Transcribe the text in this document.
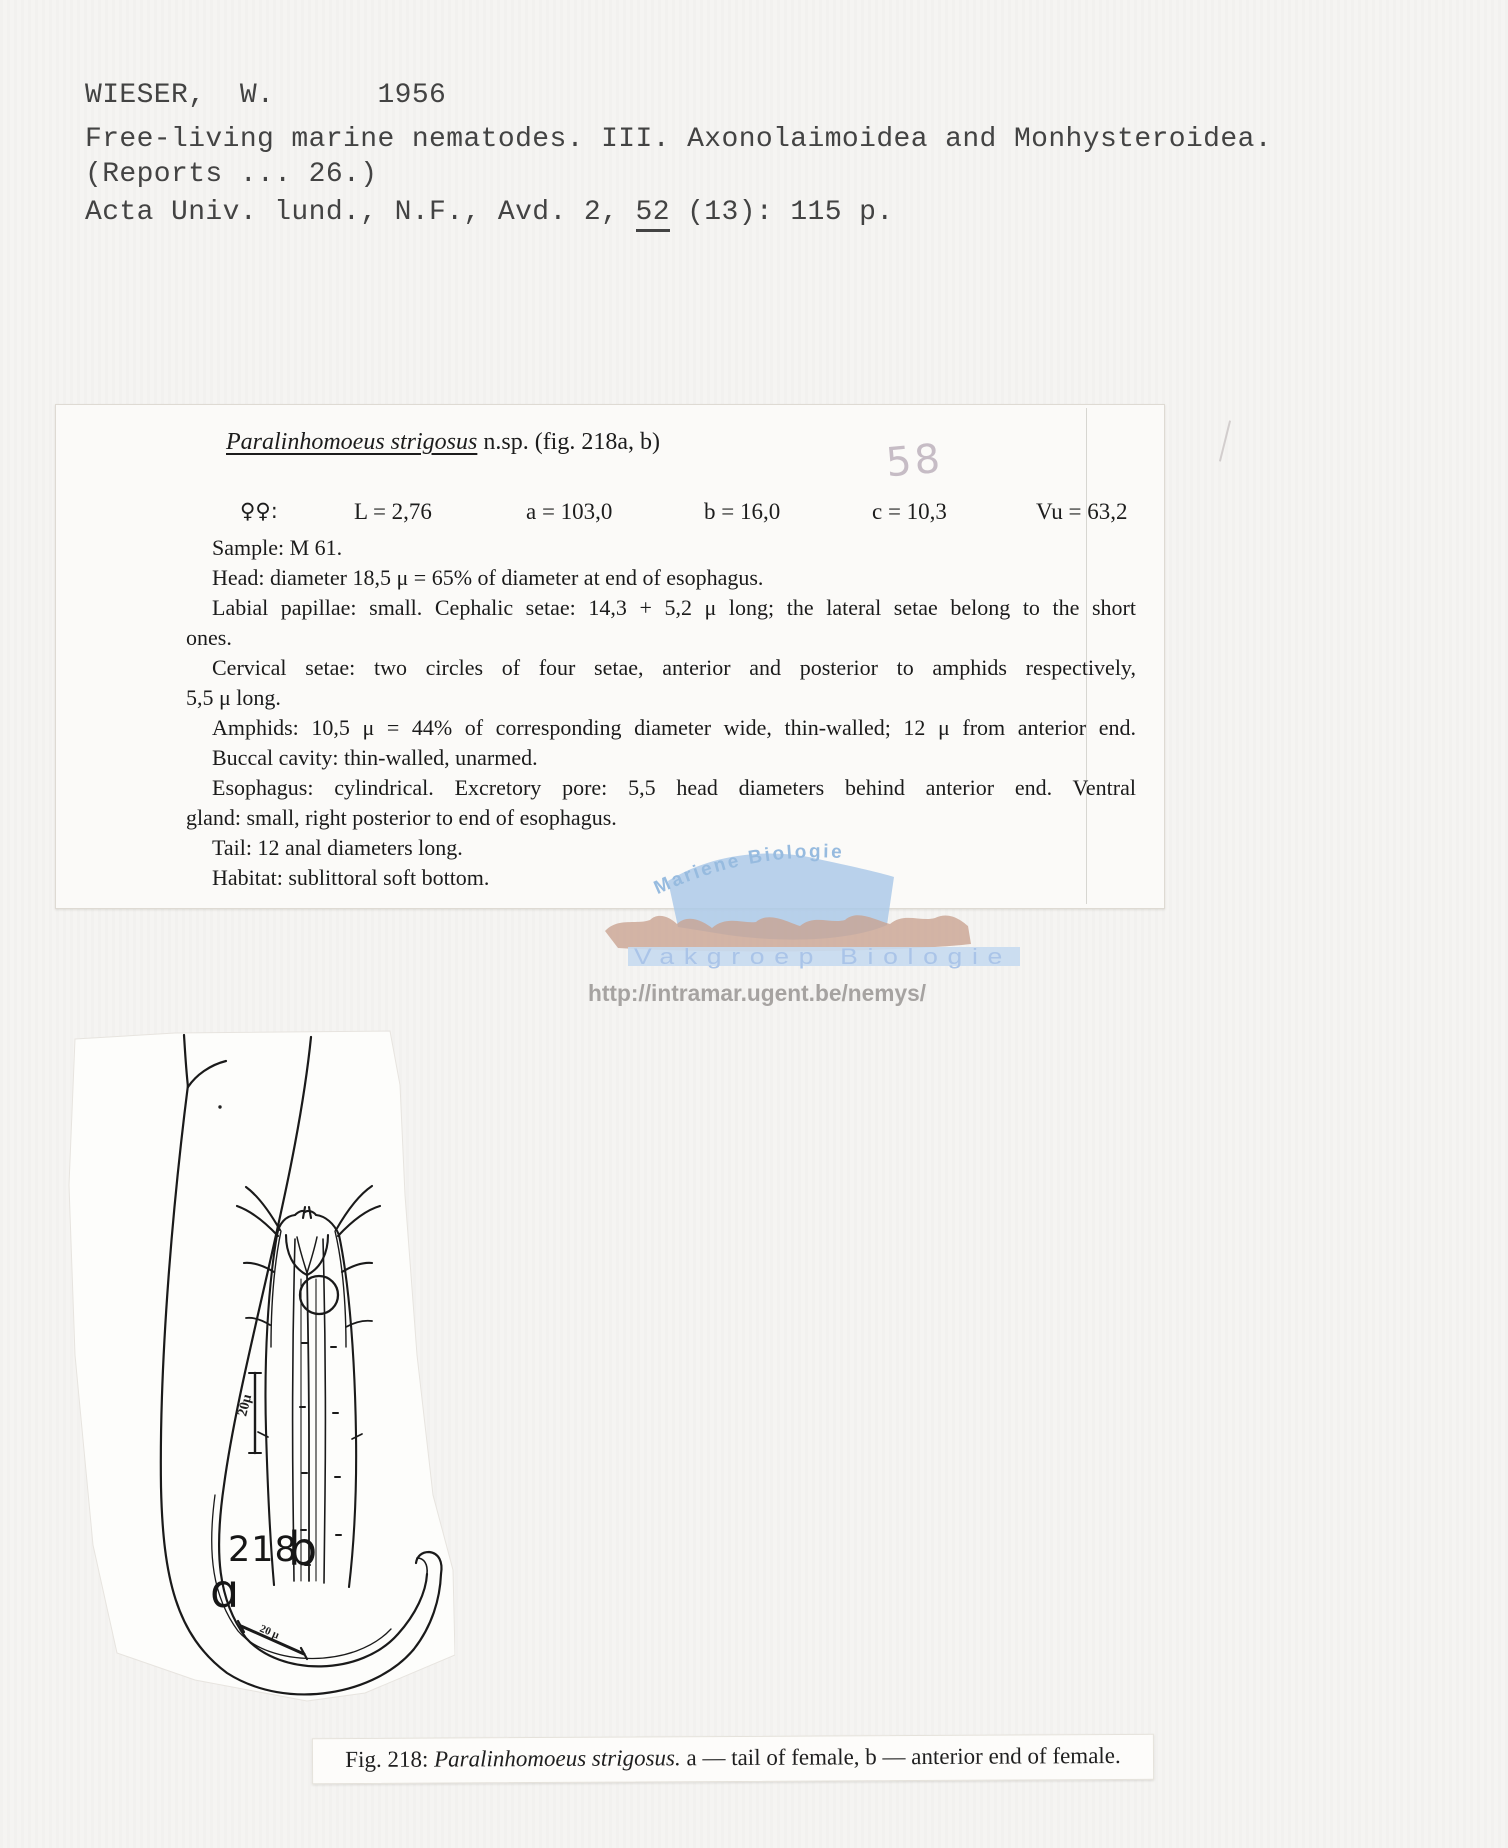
WIESER,  W.      1956
Free-living marine nematodes. III. Axonolaimoidea and Monhysteroidea.
(Reports ... 26.)
Acta Univ. lund., N.F., Avd. 2, 52 (13): 115 p.
Paralinhomoeus strigosus n.sp. (fig. 218a, b)
♀♀:	L = 2,76	a = 103,0	b = 16,0	c = 10,3	Vu = 63,2
Sample: M 61.
Head: diameter 18,5 μ = 65% of diameter at end of esophagus.
Labial papillae: small. Cephalic setae: 14,3 + 5,2 μ long; the lateral setae belong to the short
ones.
Cervical setae: two circles of four setae, anterior and posterior to amphids respectively,
5,5 μ long.
Amphids: 10,5 μ = 44% of corresponding diameter wide, thin-walled; 12 μ from anterior end.
Buccal cavity: thin-walled, unarmed.
Esophagus: cylindrical. Excretory pore: 5,5 head diameters behind anterior end. Ventral
gland: small, right posterior to end of esophagus.
Tail: 12 anal diameters long.
Habitat: sublittoral soft bottom.
58
Mariene Biologie
Vakgroep Biologie
http://intramar.ugent.be/nemys/
20μ
20 μ
218
b
ɑ
Fig. 218: Paralinhomoeus strigosus. a — tail of female, b — anterior end of female.
